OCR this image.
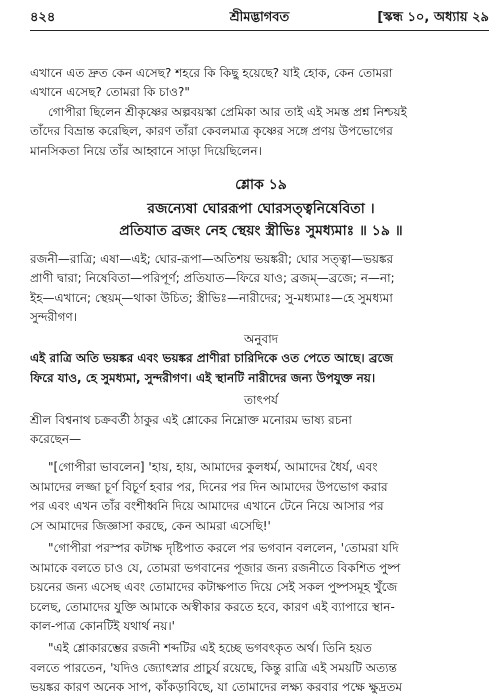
৪২৪	শ্রীমদ্ভাগবত	[স্কন্ধ ১০, অধ্যায় ২৯
এখানে এত দ্রুত কেন এসেছ? শহরে কি কিছু হয়েছে? যাই হোক, কেন তোমরা
এখানে এসেছ? তোমরা কি চাও?"
গোপীরা ছিলেন শ্রীকৃষ্ণের অল্পবয়স্কা প্রেমিকা আর তাই এই সমস্ত প্রশ্ন নিশ্চয়ই
তাঁদের বিভ্রান্ত করেছিল, কারণ তাঁরা কেবলমাত্র কৃষ্ণের সঙ্গে প্রণয় উপভোগের
মানসিকতা নিয়ে তাঁর আহ্বানে সাড়া দিয়েছিলেন।
শ্লোক ১৯
রজন্যেষা ঘোররূপা ঘোরসত্ত্বনিষেবিতা ।
প্রতিযাত ব্রজং নেহ স্থেয়ং স্ত্রীভিঃ সুমধ্যমাঃ ॥ ১৯ ॥
রজনী—রাত্রি; এষা—এই; ঘোর-রূপা—অতিশয় ভয়ঙ্করী; ঘোর সত্ত্বা—ভয়ঙ্কর
প্রাণী দ্বারা; নিষেবিতা—পরিপূর্ণ; প্রতিযাত—ফিরে যাও; ব্রজম্—ব্রজে; ন—না;
ইহ—এখানে; স্থেয়ম্—থাকা উচিত; স্ত্রীভিঃ—নারীদের; সু-মধ্যমাঃ—হে সুমধ্যমা
সুন্দরীগণ।
অনুবাদ
এই রাত্রি অতি ভয়ঙ্কর এবং ভয়ঙ্কর প্রাণীরা চারিদিকে ওত পেতে আছে। ব্রজে
ফিরে যাও, হে সুমধ্যমা, সুন্দরীগণ। এই স্থানটি নারীদের জন্য উপযুক্ত নয়।
তাৎপর্য
শ্রীল বিশ্বনাথ চক্রবর্তী ঠাকুর এই শ্লোকের নিম্নোক্ত মনোরম ভাষ্য রচনা
করেছেন—
"[গোপীরা ভাবলেন] 'হায়, হায়, আমাদের কুলধর্ম, আমাদের ধৈর্য, এবং
আমাদের লজ্জা চূর্ণ বিচূর্ণ হবার পর, দিনের পর দিন আমাদের উপভোগ করার
পর এবং এখন তাঁর বংশীধ্বনি দিয়ে আমাদের এখানে টেনে নিয়ে আসার পর
সে আমাদের জিজ্ঞাসা করছে, কেন আমরা এসেছি!'
"গোপীরা পরস্পর কটাক্ষ দৃষ্টিপাত করলে পর ভগবান বললেন, 'তোমরা যদি
আমাকে বলতে চাও যে, তোমরা ভগবানের পূজার জন্য রজনীতে বিকশিত পুষ্প
চয়নের জন্য এসেছ এবং তোমাদের কটাক্ষপাত দিয়ে সেই সকল পুষ্পসমূহ খুঁজে
চলেছ, তোমাদের যুক্তি আমাকে অস্বীকার করতে হবে, কারণ এই ব্যাপারে স্থান-
কাল-পাত্র কোনটিই যথার্থ নয়।'
"এই শ্লোকারম্ভের রজনী শব্দটির এই হচ্ছে ভগবৎকৃত অর্থ। তিনি হয়ত
বলতে পারতেন, 'যদিও জ্যোৎস্নার প্রাচুর্য রয়েছে, কিন্তু রাত্রি এই সময়টি অত্যন্ত
ভয়ঙ্কর কারণ অনেক সাপ, কাঁকড়াবিছে, যা তোমাদের লক্ষ্য করবার পক্ষে ক্ষুদ্রতম
